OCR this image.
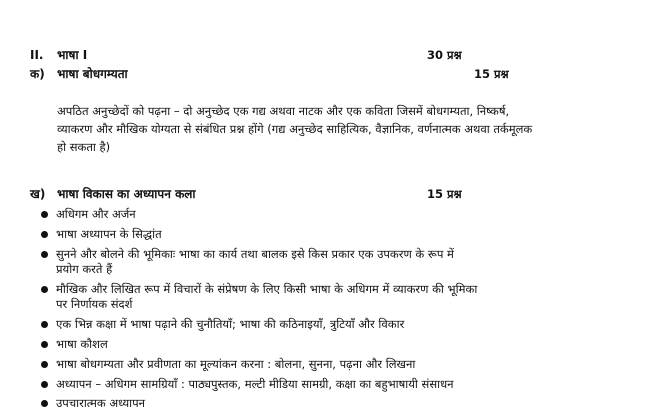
II. भाषा I	30 प्रश्न
क) भाषा बोधगम्यता	15 प्रश्न
अपठित अनुच्छेदों को पढ़ना – दो अनुच्छेद एक गद्य अथवा नाटक और एक कविता जिसमें बोधगम्यता, निष्कर्ष,
व्याकरण और मौखिक योग्यता से संबंधित प्रश्न होंगे (गद्य अनुच्छेद साहित्यिक, वैज्ञानिक, वर्णनात्मक अथवा तर्कमूलक
हो सकता है)
ख) भाषा विकास का अध्यापन कला	15 प्रश्न
अधिगम और अर्जन
भाषा अध्यापन के सिद्धांत
सुनने और बोलने की भूमिकाः भाषा का कार्य तथा बालक इसे किस प्रकार एक उपकरण के रूप में
प्रयोग करते हैं
मौखिक और लिखित रूप में विचारों के संप्रेषण के लिए किसी भाषा के अधिगम में व्याकरण की भूमिका
पर निर्णायक संदर्श
एक भिन्न कक्षा में भाषा पढ़ाने की चुनौतियाँ; भाषा की कठिनाइयाँ, त्रुटियाँ और विकार
भाषा कौशल
भाषा बोधगम्यता और प्रवीणता का मूल्यांकन करना : बोलना, सुनना, पढ़ना और लिखना
अध्यापन – अधिगम सामग्रियाँ : पाठ्यपुस्तक, मल्टी मीडिया सामग्री, कक्षा का बहुभाषायी संसाधन
उपचारात्मक अध्यापन
